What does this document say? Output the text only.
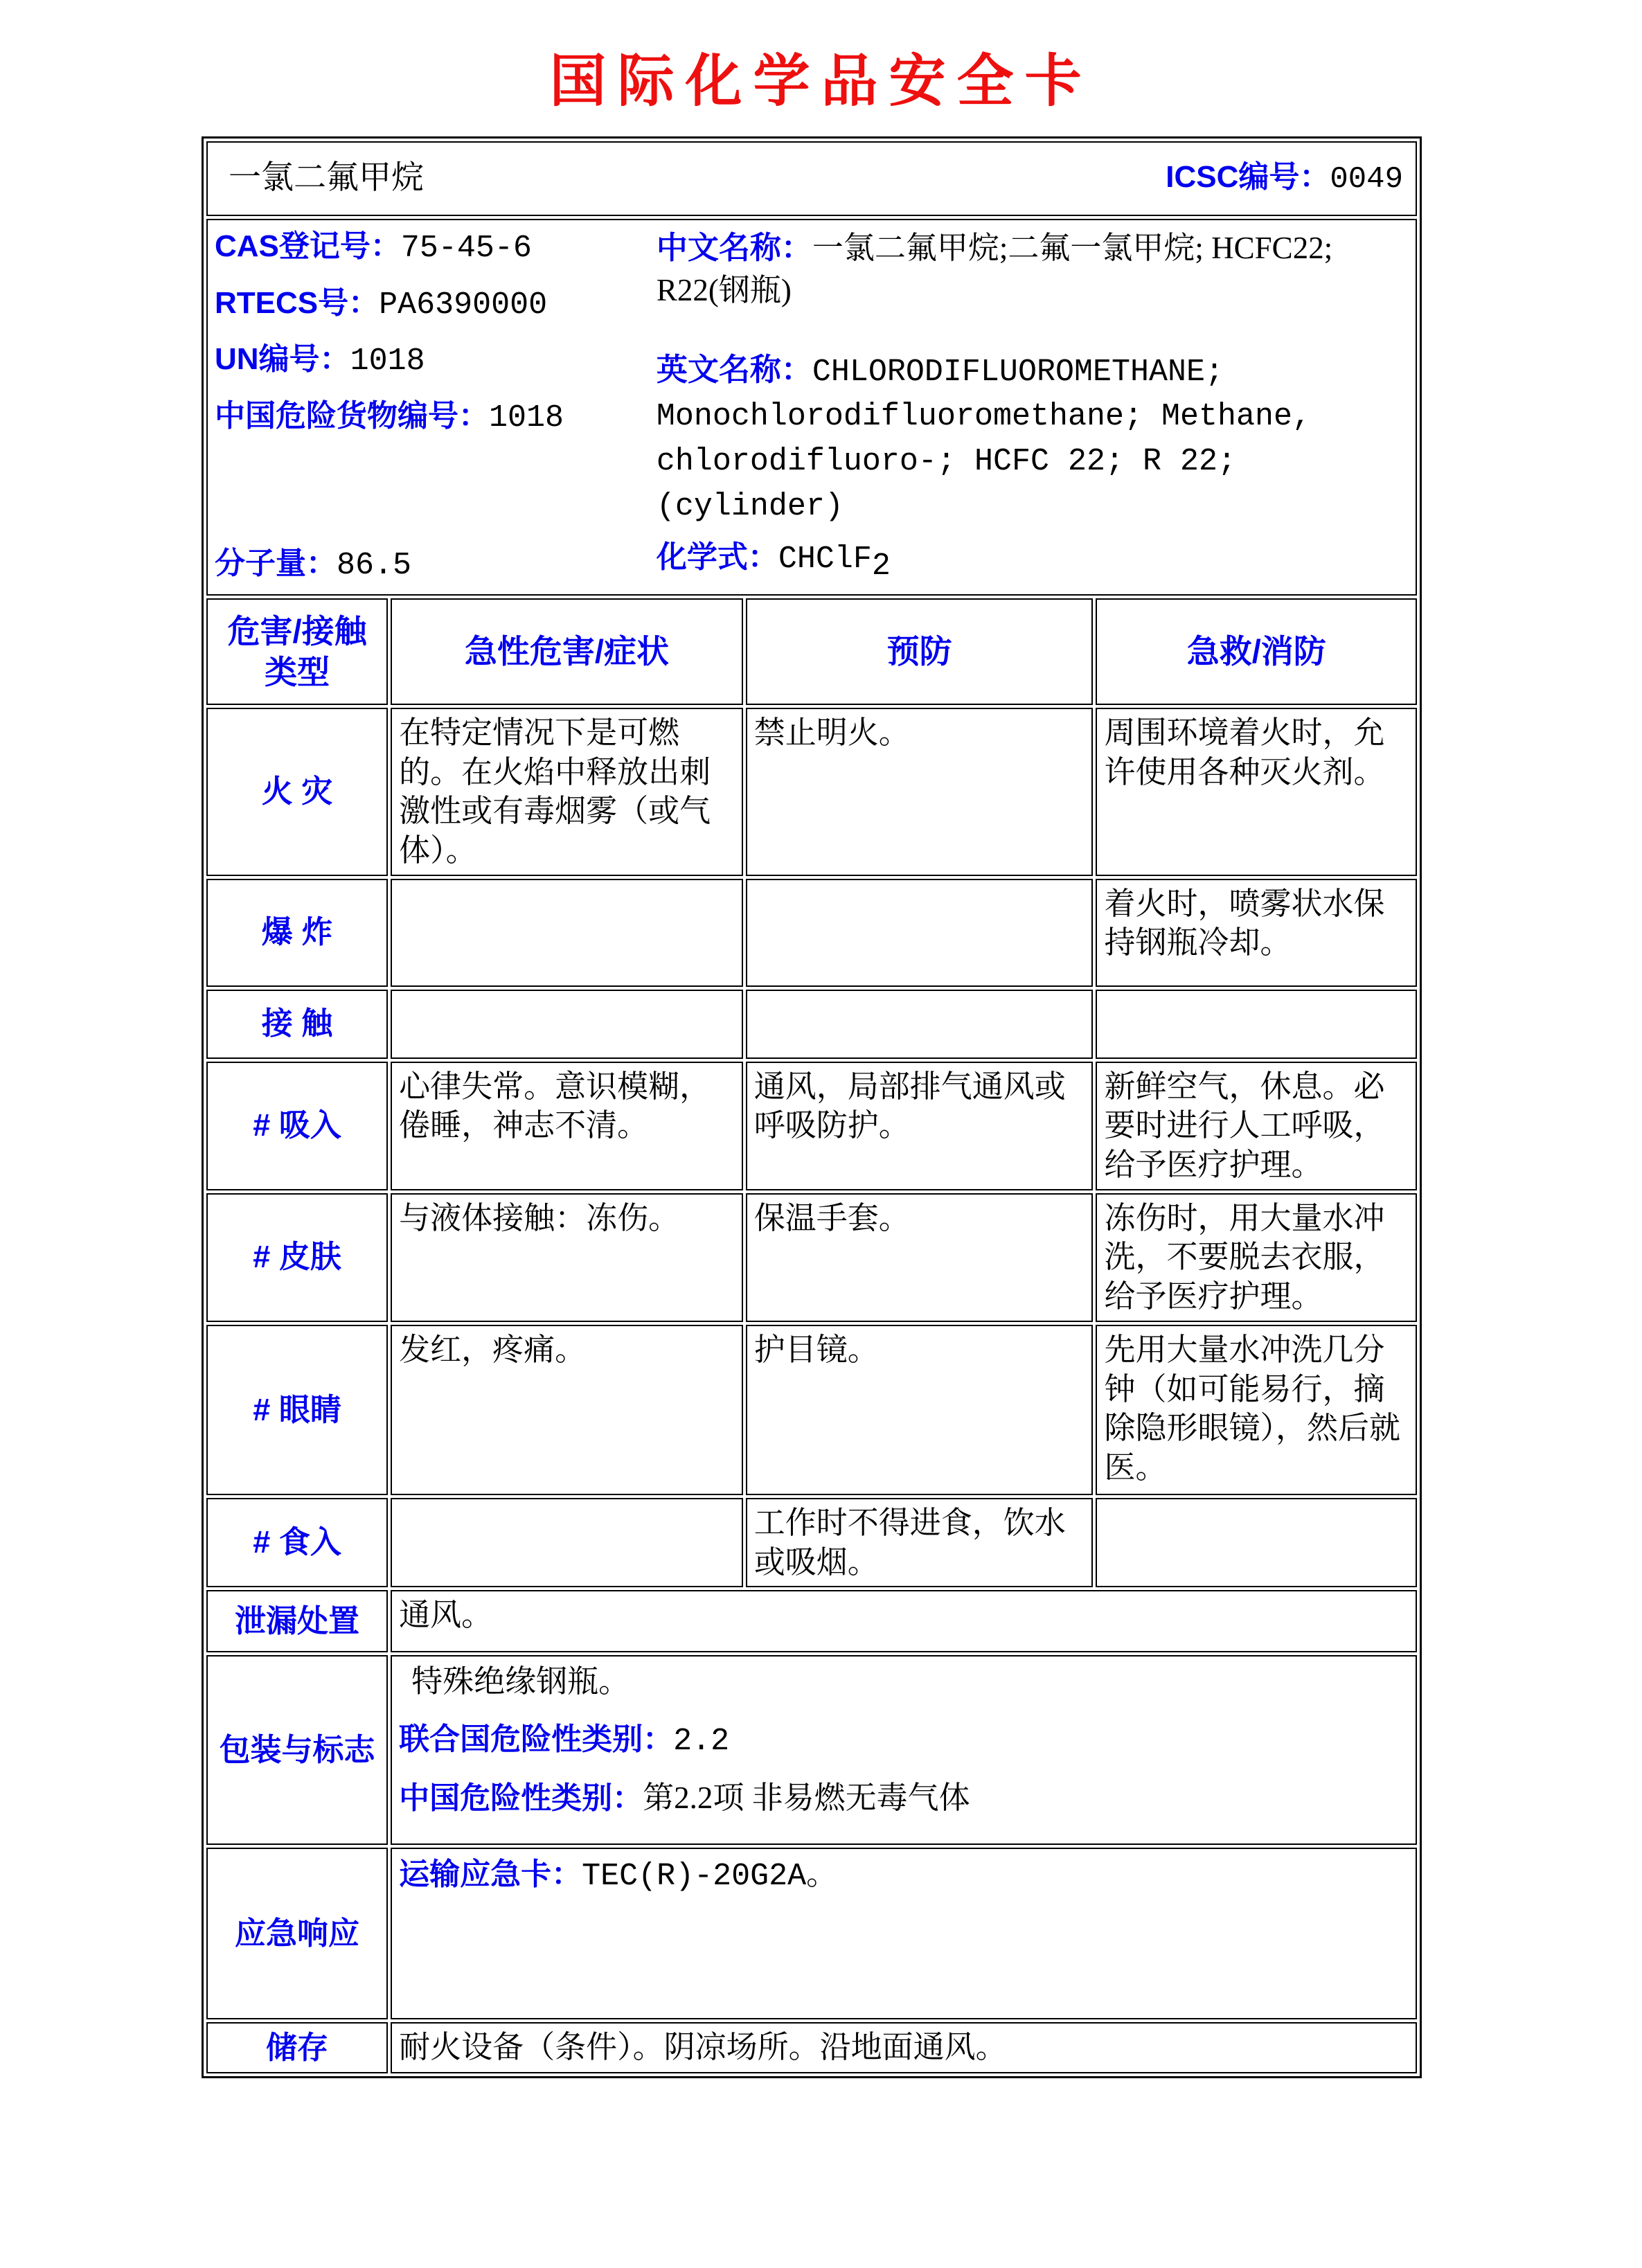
国际化学品安全卡
一氯二氟甲烷 ICSC编号：0049			

CAS登记号：75-45-6
RTECS号：PA6390000
UN编号：1018
中国危险货物编号：1018
分子量：86.5

中文名称：一氯二氟甲烷;二氟一氯甲烷; HCFC22; R22(钢瓶)

英文名称：CHLORODIFLUOROMETHANE; Monochlorodifluoromethane; Methane, chlorodifluoro-; HCFC 22; R 22; (cylinder)

化学式：CHClF$_2$

危害/接触类型	急性危害/症状	预防	急救/消防
火 灾	在特定情况下是可燃的。在火焰中释放出刺激性或有毒烟雾（或气体）。	禁止明火。	周围环境着火时，允许使用各种灭火剂。
爆 炸			着火时，喷雾状水保持钢瓶冷却。
接 触			
# 吸入	心律失常。意识模糊，倦睡，神志不清。	通风，局部排气通风或呼吸防护。	新鲜空气，休息。必要时进行人工呼吸，给予医疗护理。
# 皮肤	与液体接触：冻伤。	保温手套。	冻伤时，用大量水冲洗，不要脱去衣服，给予医疗护理。
# 眼睛	发红，疼痛。	护目镜。	先用大量水冲洗几分钟（如可能易行，摘除隐形眼镜），然后就医。
# 食入		工作时不得进食，饮水或吸烟。	
泄漏处置	通风。		
包装与标志	特殊绝缘钢瓶。
联合国危险性类别：2.2
中国危险性类别：第2.2项 非易燃无毒气体		

应急响应	运输应急卡：TEC(R)-20G2A。		

储存	耐火设备（条件）。阴凉场所。沿地面通风。		
